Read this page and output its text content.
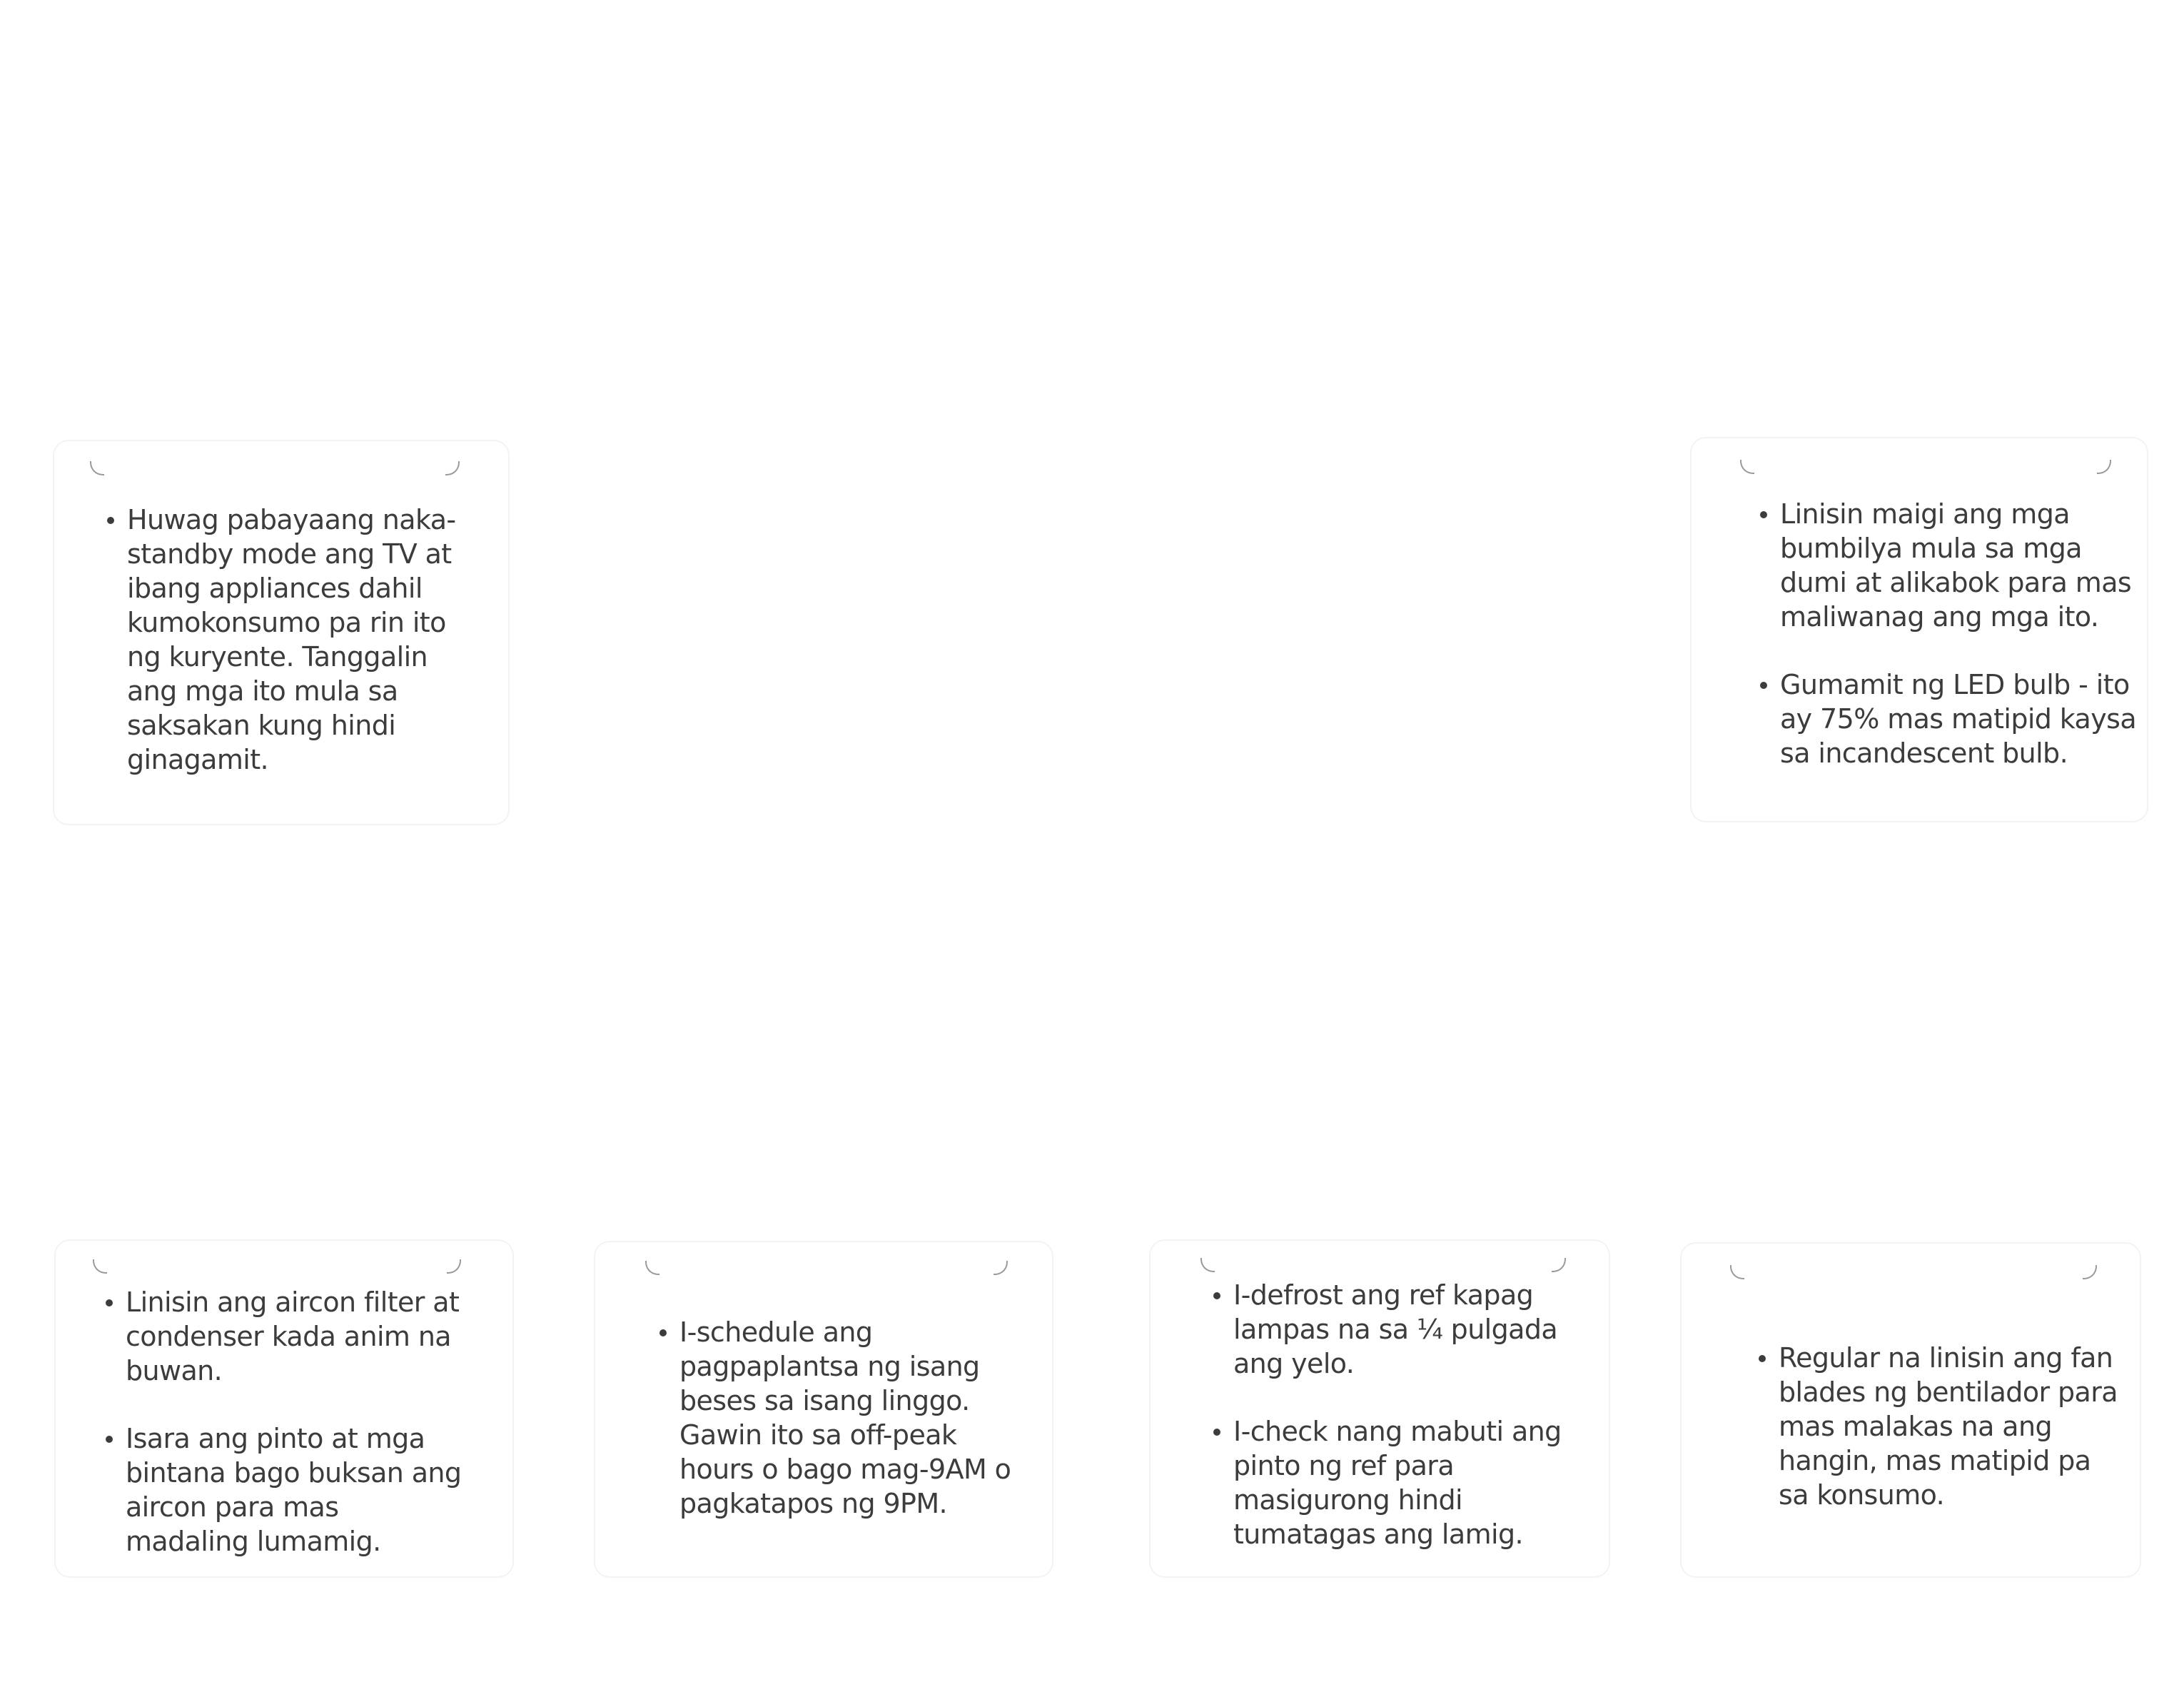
Huwag pabayaang naka-standby mode ang TV at ibang appliances dahil kumokonsumo pa rin ito ng kuryente. Tanggalin ang mga ito mula sa saksakan kung hindi ginagamit.
Linisin maigi ang mga bumbilya mula sa mga dumi at alikabok para mas maliwanag ang mga ito.
Gumamit ng LED bulb - ito ay 75% mas matipid kaysa sa incandescent bulb.
Linisin ang aircon filter at condenser kada anim na buwan.
Isara ang pinto at mga bintana bago buksan ang aircon para mas madaling lumamig.
I-schedule ang pagpaplantsa ng isang beses sa isang linggo. Gawin ito sa off-peak hours o bago mag-9AM o pagkatapos ng 9PM.
I-defrost ang ref kapag lampas na sa ¼ pulgada ang yelo.
I-check nang mabuti ang pinto ng ref para masigurong hindi tumatagas ang lamig.
Regular na linisin ang fan blades ng bentilador para mas malakas na ang hangin, mas matipid pa sa konsumo.
